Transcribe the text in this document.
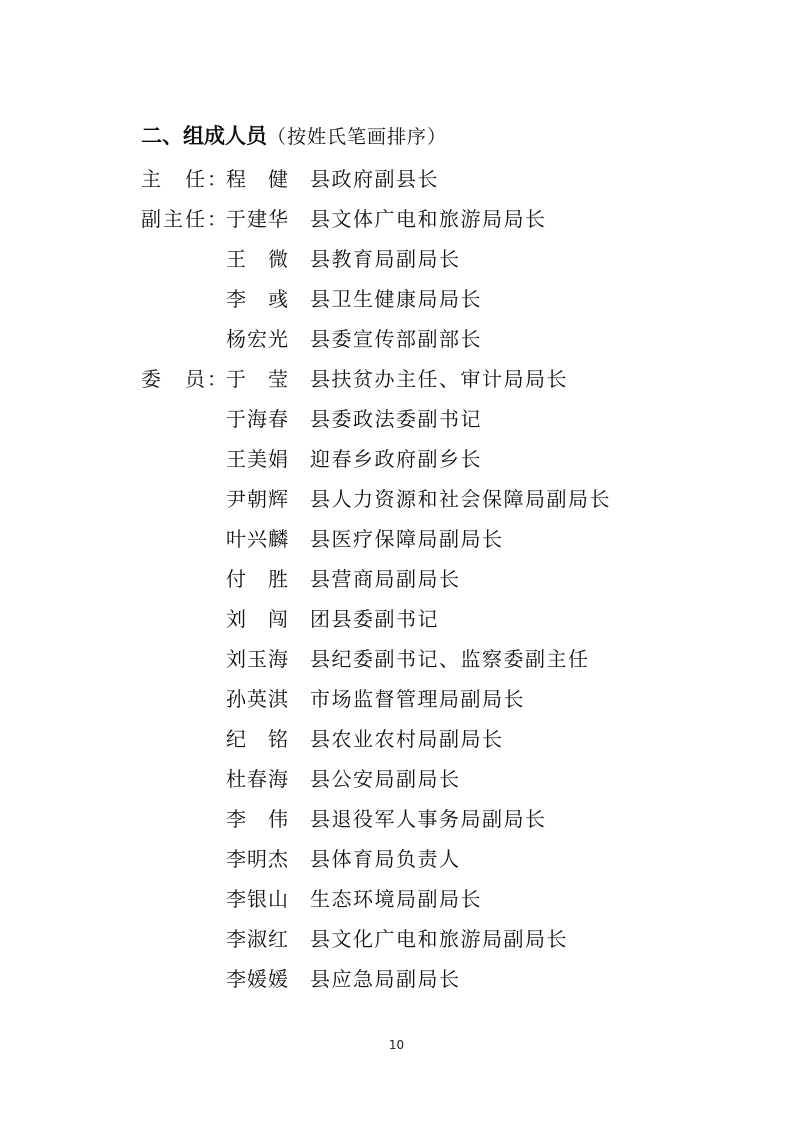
二、组成人员（按姓氏笔画排序）
主　任：
程　健 县政府副县长
副主任：
于建华 县文体广电和旅游局局长
王　微 县教育局副局长
李　彧 县卫生健康局局长
杨宏光 县委宣传部副部长
委　员：
于　莹 县扶贫办主任、审计局局长
于海春 县委政法委副书记
王美娟 迎春乡政府副乡长
尹朝辉 县人力资源和社会保障局副局长
叶兴麟 县医疗保障局副局长
付　胜 县营商局副局长
刘　闯 团县委副书记
刘玉海 县纪委副书记、监察委副主任
孙英淇 市场监督管理局副局长
纪　铭 县农业农村局副局长
杜春海 县公安局副局长
李　伟 县退役军人事务局副局长
李明杰 县体育局负责人
李银山 生态环境局副局长
李淑红 县文化广电和旅游局副局长
李媛媛 县应急局副局长
10
